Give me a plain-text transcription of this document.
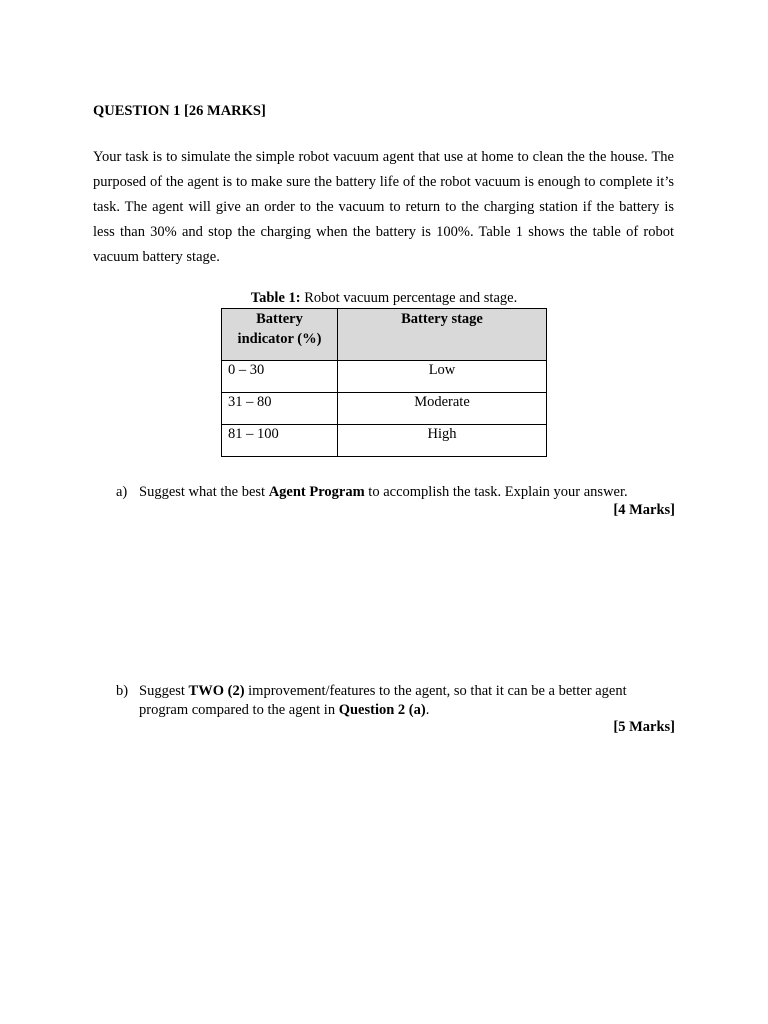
QUESTION 1 [26 MARKS]

Your task is to simulate the simple robot vacuum agent that use at home to clean the the house. The purposed of the agent is to make sure the battery life of the robot vacuum is enough to complete it’s task. The agent will give an order to the vacuum to return to the charging station if the battery is less than 30% and stop the charging when the battery is 100%. Table 1 shows the table of robot vacuum battery stage.

Table 1: Robot vacuum percentage and stage.
Battery indicator (%)	Battery stage
0 – 30	Low
31 – 80	Moderate
81 – 100	High
a) Suggest what the best Agent Program to accomplish the task. Explain your answer.
[4 Marks]
b) Suggest TWO (2) improvement/features to the agent, so that it can be a better agent program compared to the agent in Question 2 (a).
[5 Marks]
